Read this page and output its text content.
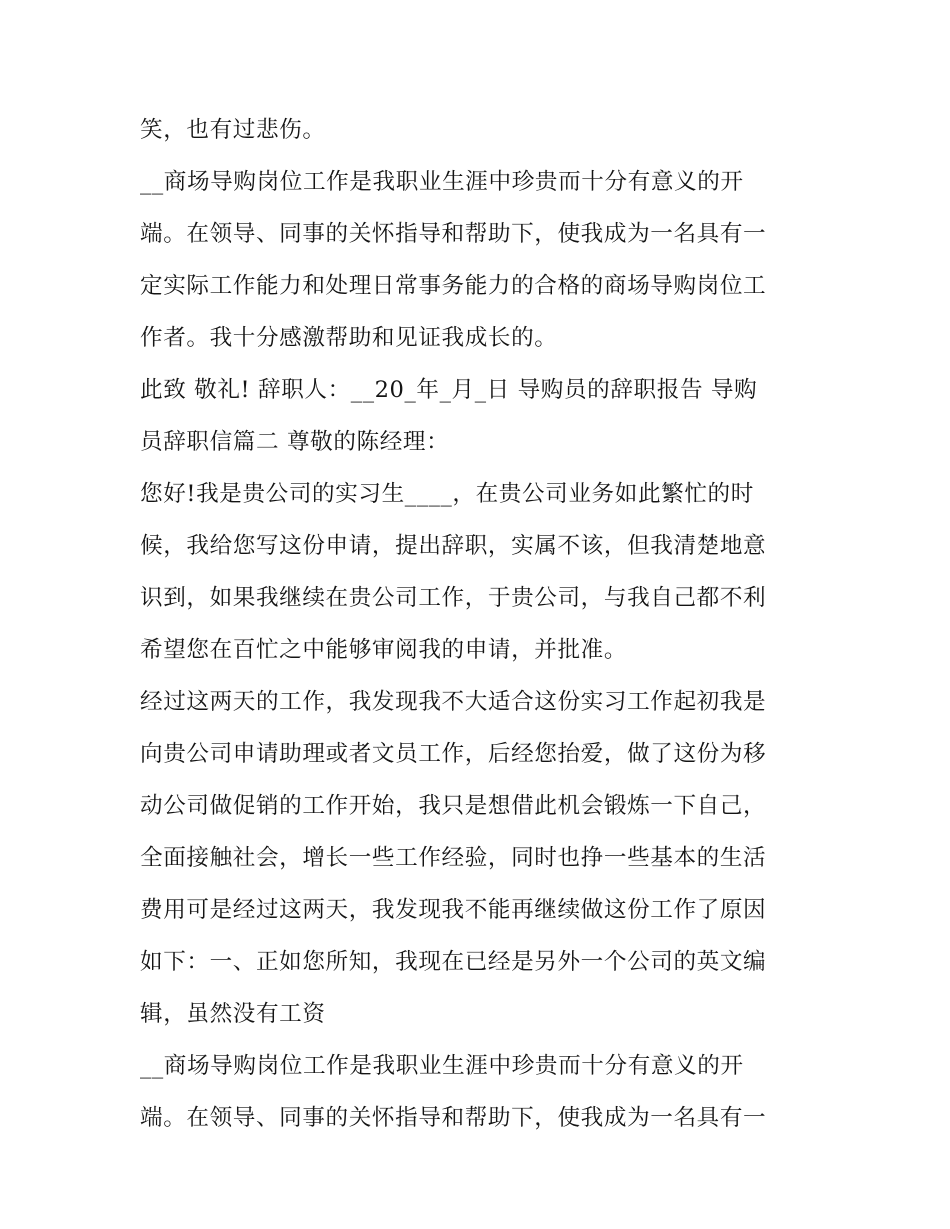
笑，也有过悲伤。

__商场导购岗位工作是我职业生涯中珍贵而十分有意义的开
端。在领导、同事的关怀指导和帮助下，使我成为一名具有一
定实际工作能力和处理日常事务能力的合格的商场导购岗位工
作者。我十分感激帮助和见证我成长的。

此致 敬礼! 辞职人：__20_年_月_日 导购员的辞职报告 导购
员辞职信篇二 尊敬的陈经理：

您好!我是贵公司的实习生____，在贵公司业务如此繁忙的时
候，我给您写这份申请，提出辞职，实属不该，但我清楚地意
识到，如果我继续在贵公司工作，于贵公司，与我自己都不利
希望您在百忙之中能够审阅我的申请，并批准。

经过这两天的工作，我发现我不大适合这份实习工作起初我是
向贵公司申请助理或者文员工作，后经您抬爱，做了这份为移
动公司做促销的工作开始，我只是想借此机会锻炼一下自己，
全面接触社会，增长一些工作经验，同时也挣一些基本的生活
费用可是经过这两天，我发现我不能再继续做这份工作了原因
如下：一、正如您所知，我现在已经是另外一个公司的英文编
辑，虽然没有工资

__商场导购岗位工作是我职业生涯中珍贵而十分有意义的开
端。在领导、同事的关怀指导和帮助下，使我成为一名具有一
